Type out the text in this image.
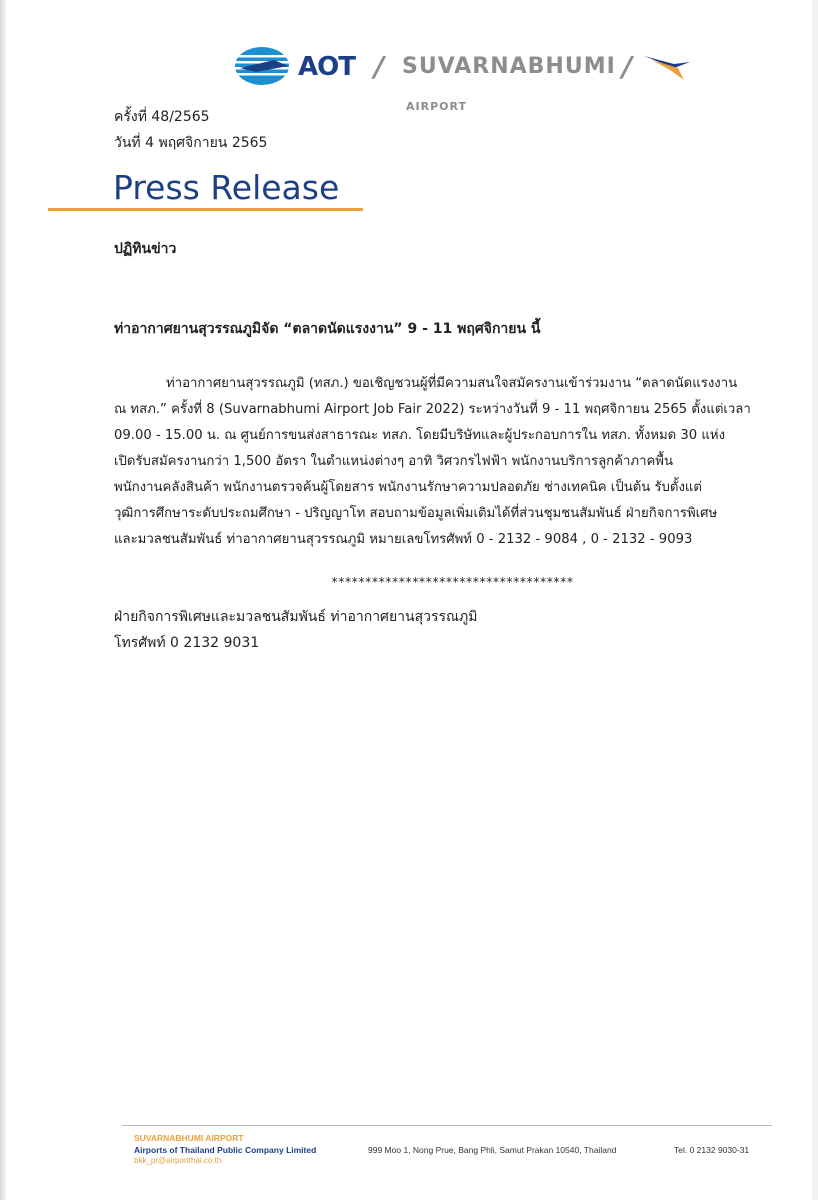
AOT / SUVARNABHUMI /
AIRPORT
ครั้งที่ 48/2565
วันที่ 4 พฤศจิกายน 2565
Press Release
ปฏิทินข่าว
ท่าอากาศยานสุวรรณภูมิจัด “ตลาดนัดแรงงาน” 9 - 11 พฤศจิกายน นี้
ท่าอากาศยานสุวรรณภูมิ (ทสภ.) ขอเชิญชวนผู้ที่มีความสนใจสมัครงานเข้าร่วมงาน “ตลาดนัดแรงงาน
ณ ทสภ.” ครั้งที่ 8 (Suvarnabhumi Airport Job Fair 2022) ระหว่างวันที่ 9 - 11 พฤศจิกายน 2565 ตั้งแต่เวลา
09.00 - 15.00 น. ณ ศูนย์การขนส่งสาธารณะ ทสภ. โดยมีบริษัทและผู้ประกอบการใน ทสภ. ทั้งหมด 30 แห่ง
เปิดรับสมัครงานกว่า 1,500 อัตรา ในตำแหน่งต่างๆ อาทิ วิศวกรไฟฟ้า พนักงานบริการลูกค้าภาคพื้น
พนักงานคลังสินค้า พนักงานตรวจค้นผู้โดยสาร พนักงานรักษาความปลอดภัย ช่างเทคนิค เป็นต้น รับตั้งแต่
วุฒิการศึกษาระดับประถมศึกษา - ปริญญาโท สอบถามข้อมูลเพิ่มเติมได้ที่ส่วนชุมชนสัมพันธ์ ฝ่ายกิจการพิเศษ
และมวลชนสัมพันธ์ ท่าอากาศยานสุวรรณภูมิ หมายเลขโทรศัพท์ 0 - 2132 - 9084 , 0 - 2132 - 9093
************************************
ฝ่ายกิจการพิเศษและมวลชนสัมพันธ์ ท่าอากาศยานสุวรรณภูมิ
โทรศัพท์ 0 2132 9031
SUVARNABHUMI AIRPORT
Airports of Thailand Public Company Limited	999 Moo 1, Nong Prue, Bang Phli, Samut Prakan 10540, Thailand	Tel. 0 2132 9030-31
bkk_pr@airportthai.co.th
